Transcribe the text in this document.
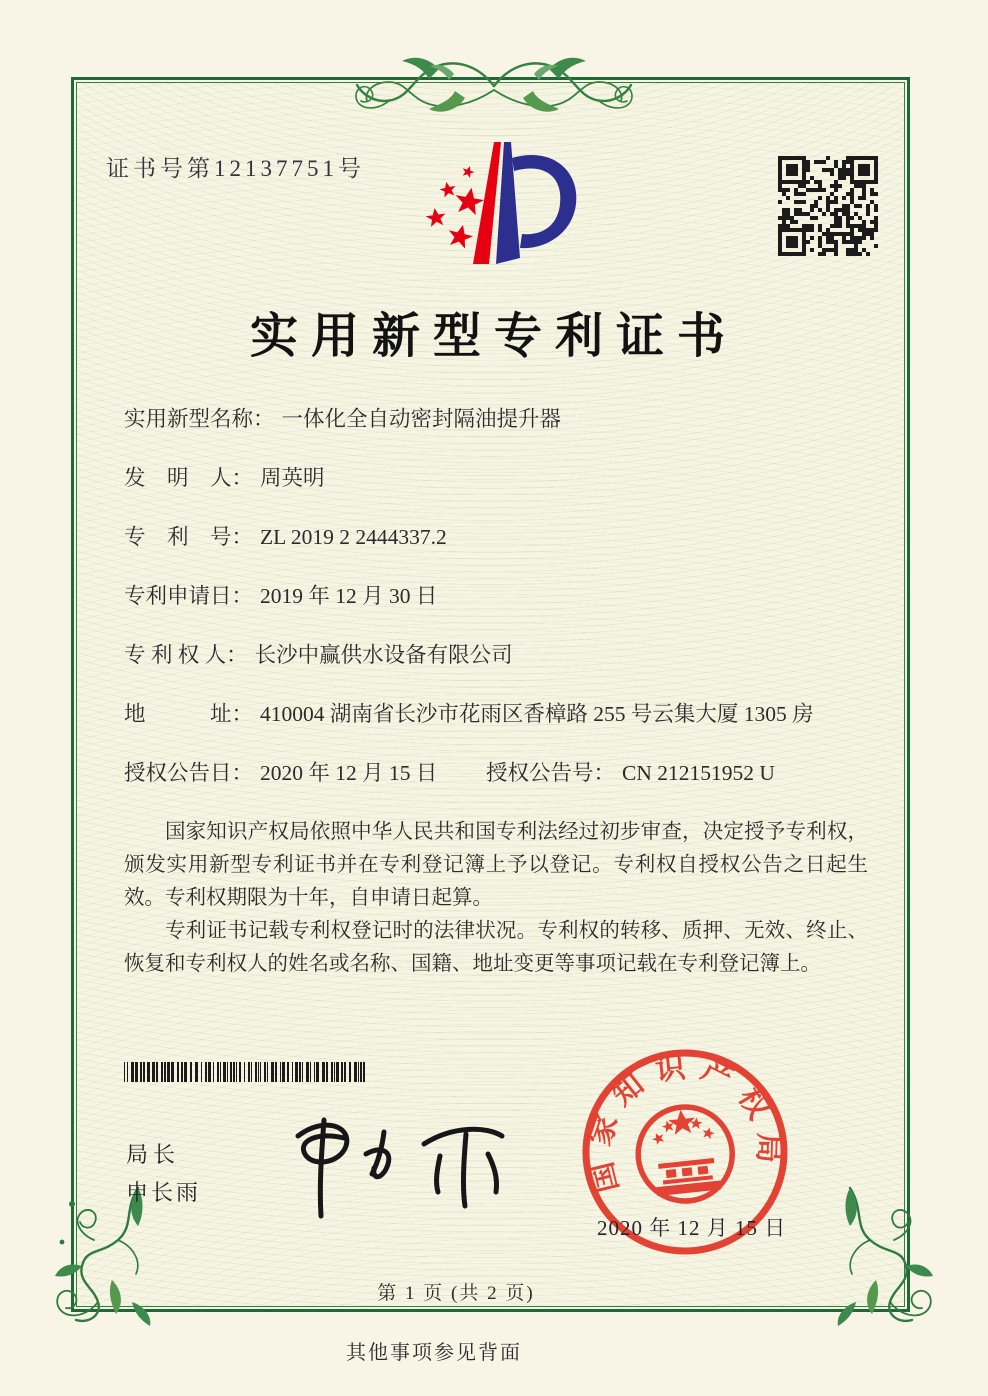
证书号第12137751号
实用新型专利证书
实用新型名称： 一体化全自动密封隔油提升器
发　明　人： 周英明
专　利　号： ZL 2019 2 2444337.2
专利申请日： 2019 年 12 月 30 日
专 利 权 人： 长沙中赢供水设备有限公司
地　　　址： 410004 湖南省长沙市花雨区香樟路 255 号云集大厦 1305 房
授权公告日： 2020 年 12 月 15 日 授权公告号： CN 212151952 U

国家知识产权局依照中华人民共和国专利法经过初步审查，决定授予专利权，颁发实用新型专利证书并在专利登记簿上予以登记。专利权自授权公告之日起生效。专利权期限为十年，自申请日起算。

专利证书记载专利权登记时的法律状况。专利权的转移、质押、无效、终止、恢复和专利权人的姓名或名称、国籍、地址变更等事项记载在专利登记簿上。

局长
申长雨	国家知识产权局
2020 年 12 月 15 日
第 1 页 (共 2 页)
其他事项参见背面
